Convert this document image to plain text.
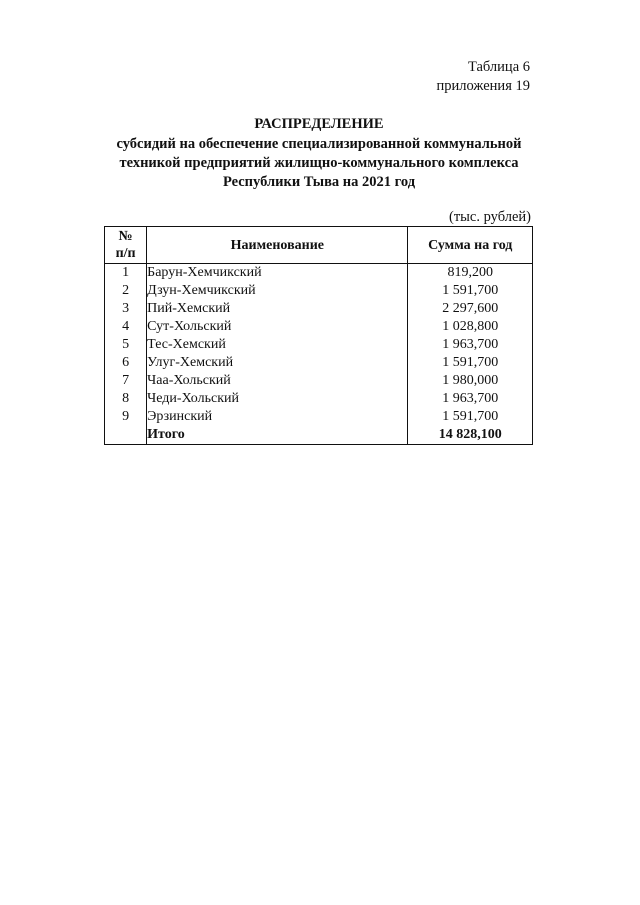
Таблица 6
приложения 19
РАСПРЕДЕЛЕНИЕ
субсидий на обеспечение специализированной коммунальной
техникой предприятий жилищно-коммунального комплекса
Республики Тыва на 2021 год
(тыс. рублей)
№
п/п	Наименование	Сумма на год
1	Барун-Хемчикский	819,200
2	Дзун-Хемчикский	1 591,700
3	Пий-Хемский	2 297,600
4	Сут-Хольский	1 028,800
5	Тес-Хемский	1 963,700
6	Улуг-Хемский	1 591,700
7	Чаа-Хольский	1 980,000
8	Чеди-Хольский	1 963,700
9	Эрзинский	1 591,700
	Итого	14 828,100
